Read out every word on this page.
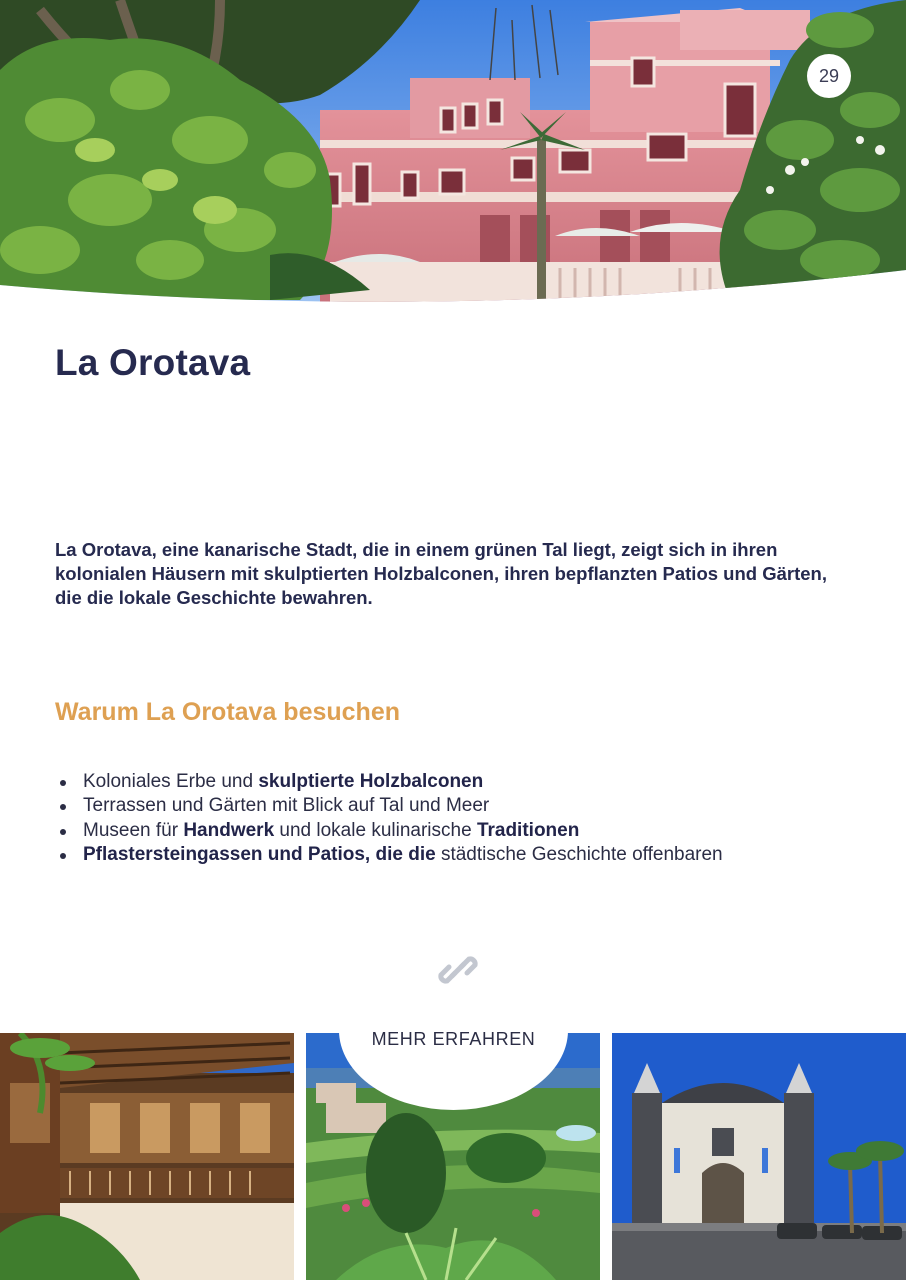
29
La Orotava

La Orotava, eine kanarische Stadt, die in einem grünen Tal liegt, zeigt sich in ihren kolonialen Häusern mit skulptierten Holzbalconen, ihren bepflanzten Patios und Gärten, die die lokale Geschichte bewahren.

Warum La Orotava besuchen
Koloniales Erbe und skulptierte Holzbalconen
Terrassen und Gärten mit Blick auf Tal und Meer
Museen für Handwerk und lokale kulinarische Traditionen
Pflastersteingassen und Patios, die die städtische Geschichte offenbaren
MEHR ERFAHREN
